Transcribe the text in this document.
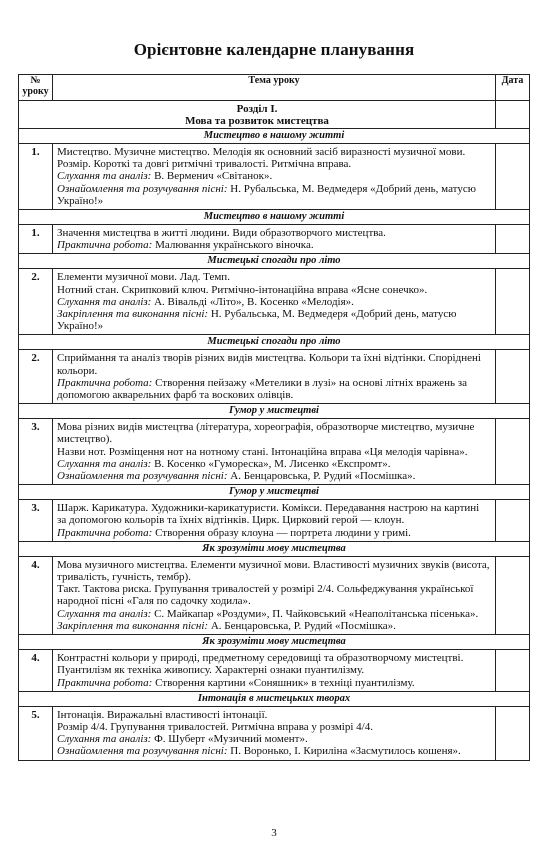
Орієнтовне календарне планування
№
уроку	Тема уроку	Дата

Розділ І.
Мова та розвиток мистецтва		

Мистецтво в нашому житті		
1.	Мистецтво. Музичне мистецтво. Мелодія як основний засіб виразності музичної мови.
Розмір. Короткі та довгі ритмічні тривалості. Ритмічна вправа.
Слухання та аналіз: В. Верменич «Світанок».
Ознайомлення та розучування пісні: Н. Рубальська, М. Ведмедеря «Добрий день, матусю Україно!»	

Мистецтво в нашому житті		
1.	Значення мистецтва в житті людини. Види образотворчого мистецтва.
Практична робота: Малювання українського віночка.	

Мистецькі спогади про літо		
2.	Елементи музичної мови. Лад. Темп.
Нотний стан. Скрипковий ключ. Ритмічно-інтонаційна вправа «Ясне сонечко».
Слухання та аналіз: А. Вівальді «Літо», В. Косенко «Мелодія».
Закріплення та виконання пісні: Н. Рубальська, М. Ведмедеря «Добрий день, матусю Україно!»	

Мистецькі спогади про літо		
2.	Сприймання та аналіз творів різних видів мистецтва. Кольори та їхні відтінки. Споріднені кольори.
Практична робота: Створення пейзажу «Метелики в лузі» на основі літніх вражень за допомогою акварельних фарб та воскових олівців.	

Гумор у мистецтві		
3.	Мова різних видів мистецтва (література, хореографія, образотворче мистецтво, музичне мистецтво).
Назви нот. Розміщення нот на нотному стані. Інтонаційна вправа «Ця мелодія чарівна».
Слухання та аналіз: В. Косенко «Гумореска», М. Лисенко «Експромт».
Ознайомлення та розучування пісні: А. Бенцаровська, Р. Рудий «Посмішка».	

Гумор у мистецтві		
3.	Шарж. Карикатура. Художники-карикатуристи. Комікси. Передавання настрою на картині за допомогою кольорів та їхніх відтінків. Цирк. Цирковий герой — клоун.
Практична робота: Створення образу клоуна — портрета людини у гримі.	

Як зрозуміти мову мистецтва		
4.	Мова музичного мистецтва. Елементи музичної мови. Властивості музичних звуків (висота, тривалість, гучність, тембр).
Такт. Тактова риска. Групування тривалостей у розмірі 2/4. Сольфеджування української народної пісні «Галя по садочку ходила».
Слухання та аналіз: С. Майкапар «Роздуми», П. Чайковський «Неаполітанська пісенька».
Закріплення та виконання пісні: А. Бенцаровська, Р. Рудий «Посмішка».	

Як зрозуміти мову мистецтва		
4.	Контрастні кольори у природі, предметному середовищі та образотворчому мистецтві.
Пуантилізм як техніка живопису. Характерні ознаки пуантилізму.
Практична робота: Створення картини «Соняшник» в техніці пуантилізму.	

Інтонація в мистецьких творах		
5.	Інтонація. Виражальні властивості інтонації.
Розмір 4/4. Групування тривалостей. Ритмічна вправа у розмірі 4/4.
Слухання та аналіз: Ф. Шуберт «Музичний момент».
Ознайомлення та розучування пісні: П. Воронько, І. Кириліна «Засмутилось кошеня».	

3
